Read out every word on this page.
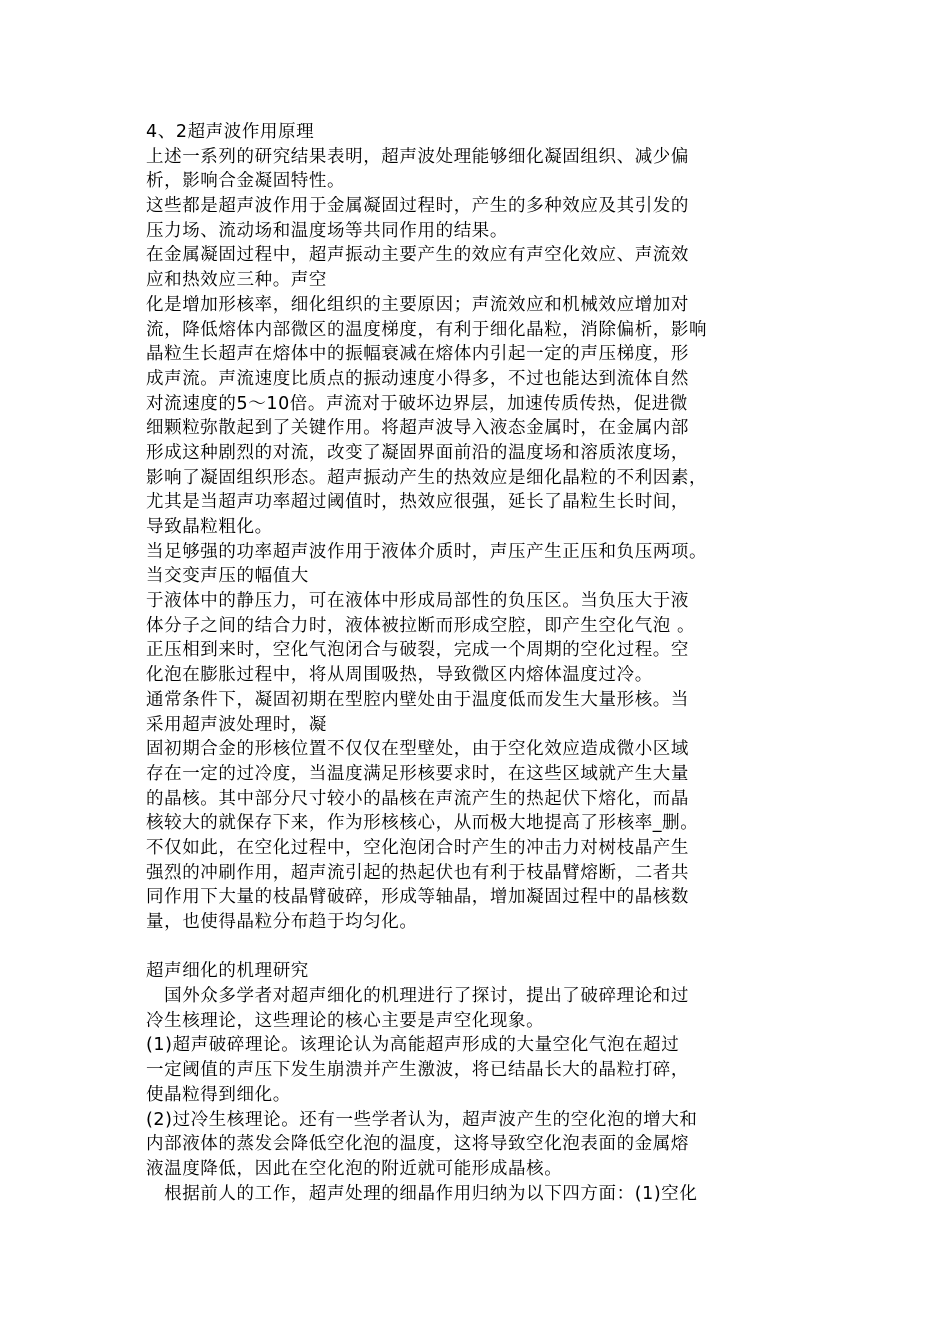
4、2超声波作用原理
上述一系列的研究结果表明，超声波处理能够细化凝固组织、减少偏
析，影响合金凝固特性。
这些都是超声波作用于金属凝固过程时，产生的多种效应及其引发的
压力场、流动场和温度场等共同作用的结果。
在金属凝固过程中，超声振动主要产生的效应有声空化效应、声流效
应和热效应三种。声空
化是增加形核率，细化组织的主要原因；声流效应和机械效应增加对
流，降低熔体内部微区的温度梯度，有利于细化晶粒，消除偏析，影响
晶粒生长超声在熔体中的振幅衰减在熔体内引起一定的声压梯度，形
成声流。声流速度比质点的振动速度小得多，不过也能达到流体自然
对流速度的5～10倍。声流对于破坏边界层，加速传质传热，促进微
细颗粒弥散起到了关键作用。将超声波导入液态金属时，在金属内部
形成这种剧烈的对流，改变了凝固界面前沿的温度场和溶质浓度场，
影响了凝固组织形态。超声振动产生的热效应是细化晶粒的不利因素，
尤其是当超声功率超过阈值时，热效应很强，延长了晶粒生长时间，
导致晶粒粗化。
当足够强的功率超声波作用于液体介质时，声压产生正压和负压两项。
当交变声压的幅值大
于液体中的静压力，可在液体中形成局部性的负压区。当负压大于液
体分子之间的结合力时，液体被拉断而形成空腔，即产生空化气泡 。
正压相到来时，空化气泡闭合与破裂，完成一个周期的空化过程。空
化泡在膨胀过程中，将从周围吸热，导致微区内熔体温度过冷。
通常条件下，凝固初期在型腔内壁处由于温度低而发生大量形核。当
采用超声波处理时，凝
固初期合金的形核位置不仅仅在型壁处，由于空化效应造成微小区域
存在一定的过冷度，当温度满足形核要求时，在这些区域就产生大量
的晶核。其中部分尺寸较小的晶核在声流产生的热起伏下熔化，而晶
核较大的就保存下来，作为形核核心，从而极大地提高了形核率_删。
不仅如此，在空化过程中，空化泡闭合时产生的冲击力对树枝晶产生
强烈的冲刷作用，超声流引起的热起伏也有利于枝晶臂熔断，二者共
同作用下大量的枝晶臂破碎，形成等轴晶，增加凝固过程中的晶核数
量，也使得晶粒分布趋于均匀化。
超声细化的机理研究
　国外众多学者对超声细化的机理进行了探讨，提出了破碎理论和过
冷生核理论，这些理论的核心主要是声空化现象。
(1)超声破碎理论。该理论认为高能超声形成的大量空化气泡在超过
一定阈值的声压下发生崩溃并产生激波，将已结晶长大的晶粒打碎，
使晶粒得到细化。
(2)过冷生核理论。还有一些学者认为，超声波产生的空化泡的增大和
内部液体的蒸发会降低空化泡的温度，这将导致空化泡表面的金属熔
液温度降低，因此在空化泡的附近就可能形成晶核。
　根据前人的工作，超声处理的细晶作用归纳为以下四方面：(1)空化
